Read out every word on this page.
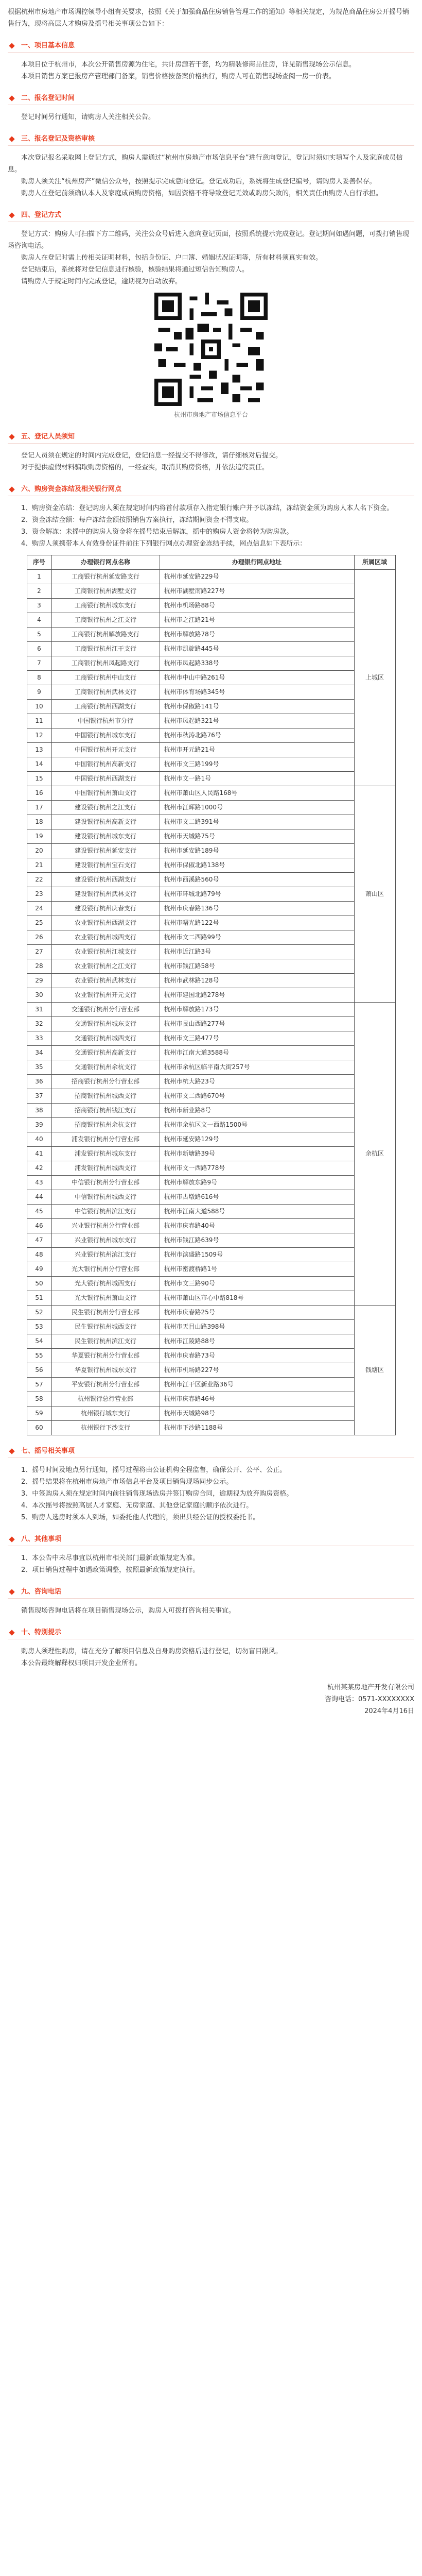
根据杭州市房地产市场调控领导小组有关要求，按照《关于加强商品住房销售管理工作的通知》等相关规定，为规范商品住房公开摇号销售行为，现将高层人才购房及摇号相关事项公告如下：

一、项目基本信息

本项目位于杭州市，本次公开销售房源为住宅，共计房源若干套，均为精装修商品住房，详见销售现场公示信息。

本项目销售方案已报房产管理部门备案，销售价格按备案价格执行，购房人可在销售现场查阅一房一价表。

二、报名登记时间

登记时间另行通知，请购房人关注相关公告。

三、报名登记及资格审核

本次登记报名采取网上登记方式，购房人需通过“杭州市房地产市场信息平台”进行意向登记，登记时须如实填写个人及家庭成员信息。

购房人须关注“杭州房产”微信公众号，按照提示完成意向登记。登记成功后，系统将生成登记编号，请购房人妥善保存。

购房人在登记前须确认本人及家庭成员购房资格，如因资格不符导致登记无效或购房失败的，相关责任由购房人自行承担。

四、登记方式

登记方式：购房人可扫描下方二维码，关注公众号后进入意向登记页面，按照系统提示完成登记。登记期间如遇问题，可拨打销售现场咨询电话。

购房人在登记时需上传相关证明材料，包括身份证、户口簿、婚姻状况证明等，所有材料须真实有效。

登记结束后，系统将对登记信息进行核验，核验结果将通过短信告知购房人。

请购房人于规定时间内完成登记，逾期视为自动放弃。

杭州市房地产市场信息平台

五、登记人员须知

登记人员须在规定的时间内完成登记，登记信息一经提交不得修改，请仔细核对后提交。

对于提供虚假材料骗取购房资格的，一经查实，取消其购房资格，并依法追究责任。

六、购房资金冻结及相关银行网点

1、购房资金冻结：登记购房人须在规定时间内将首付款项存入指定银行账户并予以冻结，冻结资金须为购房人本人名下资金。

2、资金冻结金额：每户冻结金额按照销售方案执行，冻结期间资金不得支取。

3、资金解冻：未摇中的购房人资金将在摇号结束后解冻，摇中的购房人资金将转为购房款。

4、购房人须携带本人有效身份证件前往下列银行网点办理资金冻结手续，网点信息如下表所示：

序号	办理银行网点名称	办理银行网点地址	所属区域
1	工商银行杭州延安路支行	杭州市延安路229号	上城区
2	工商银行杭州湖墅支行	杭州市湖墅南路227号	
3	工商银行杭州城东支行	杭州市机场路88号	
4	工商银行杭州之江支行	杭州市之江路21号	
5	工商银行杭州解放路支行	杭州市解放路78号	
6	工商银行杭州江干支行	杭州市凯旋路445号	
7	工商银行杭州凤起路支行	杭州市凤起路338号	
8	工商银行杭州中山支行	杭州市中山中路261号	
9	工商银行杭州武林支行	杭州市体育场路345号	
10	工商银行杭州西湖支行	杭州市保俶路141号	
11	中国银行杭州市分行	杭州市凤起路321号	
12	中国银行杭州城东支行	杭州市秋涛北路76号	
13	中国银行杭州开元支行	杭州市开元路21号	
14	中国银行杭州高新支行	杭州市文三路199号	
15	中国银行杭州西湖支行	杭州市文一路1号	
16	中国银行杭州萧山支行	杭州市萧山区人民路168号	萧山区
17	建设银行杭州之江支行	杭州市江晖路1000号	
18	建设银行杭州高新支行	杭州市文二路391号	
19	建设银行杭州城东支行	杭州市天城路75号	
20	建设银行杭州延安支行	杭州市延安路189号	
21	建设银行杭州宝石支行	杭州市保俶北路138号	
22	建设银行杭州西湖支行	杭州市西溪路560号	
23	建设银行杭州武林支行	杭州市环城北路79号	
24	建设银行杭州庆春支行	杭州市庆春路136号	
25	农业银行杭州西湖支行	杭州市曙光路122号	
26	农业银行杭州城西支行	杭州市文二西路99号	
27	农业银行杭州江城支行	杭州市近江路3号	
28	农业银行杭州之江支行	杭州市钱江路58号	
29	农业银行杭州武林支行	杭州市武林路128号	
30	农业银行杭州开元支行	杭州市建国北路278号	
31	交通银行杭州分行营业部	杭州市解放路173号	余杭区
32	交通银行杭州城东支行	杭州市艮山西路277号	
33	交通银行杭州城西支行	杭州市文三路477号	
34	交通银行杭州高新支行	杭州市江南大道3588号	
35	交通银行杭州余杭支行	杭州市余杭区临平南大街257号	
36	招商银行杭州分行营业部	杭州市杭大路23号	
37	招商银行杭州城西支行	杭州市文二西路670号	
38	招商银行杭州钱江支行	杭州市新业路8号	
39	招商银行杭州余杭支行	杭州市余杭区文一西路1500号	
40	浦发银行杭州分行营业部	杭州市延安路129号	
41	浦发银行杭州城东支行	杭州市新塘路39号	
42	浦发银行杭州城西支行	杭州市文一西路778号	
43	中信银行杭州分行营业部	杭州市解放东路9号	
44	中信银行杭州城西支行	杭州市古墩路616号	
45	中信银行杭州滨江支行	杭州市江南大道588号	
46	兴业银行杭州分行营业部	杭州市庆春路40号	
47	兴业银行杭州城东支行	杭州市钱江路639号	
48	兴业银行杭州滨江支行	杭州市滨盛路1509号	
49	光大银行杭州分行营业部	杭州市密渡桥路1号	
50	光大银行杭州城西支行	杭州市文三路90号	
51	光大银行杭州萧山支行	杭州市萧山区市心中路818号	
52	民生银行杭州分行营业部	杭州市庆春路25号	钱塘区
53	民生银行杭州城西支行	杭州市天目山路398号	
54	民生银行杭州滨江支行	杭州市江陵路88号	
55	华夏银行杭州分行营业部	杭州市庆春路73号	
56	华夏银行杭州城东支行	杭州市机场路227号	
57	平安银行杭州分行营业部	杭州市江干区新业路36号	
58	杭州银行总行营业部	杭州市庆春路46号	
59	杭州银行城东支行	杭州市天城路98号	
60	杭州银行下沙支行	杭州市下沙路1188号	
七、摇号相关事项

1、摇号时间及地点另行通知，摇号过程将由公证机构全程监督，确保公开、公平、公正。

2、摇号结果将在杭州市房地产市场信息平台及项目销售现场同步公示。

3、中签购房人须在规定时间内前往销售现场选房并签订购房合同，逾期视为放弃购房资格。

4、本次摇号将按照高层人才家庭、无房家庭、其他登记家庭的顺序依次进行。

5、购房人选房时须本人到场，如委托他人代理的，须出具经公证的授权委托书。

八、其他事项

1、本公告中未尽事宜以杭州市相关部门最新政策规定为准。

2、项目销售过程中如遇政策调整，按照最新政策规定执行。

九、咨询电话

销售现场咨询电话将在项目销售现场公示，购房人可拨打咨询相关事宜。

十、特别提示

购房人须理性购房，请在充分了解项目信息及自身购房资格后进行登记，切勿盲目跟风。

本公告最终解释权归项目开发企业所有。

杭州某某房地产开发有限公司

咨询电话：0571-XXXXXXXX

2024年4月16日
